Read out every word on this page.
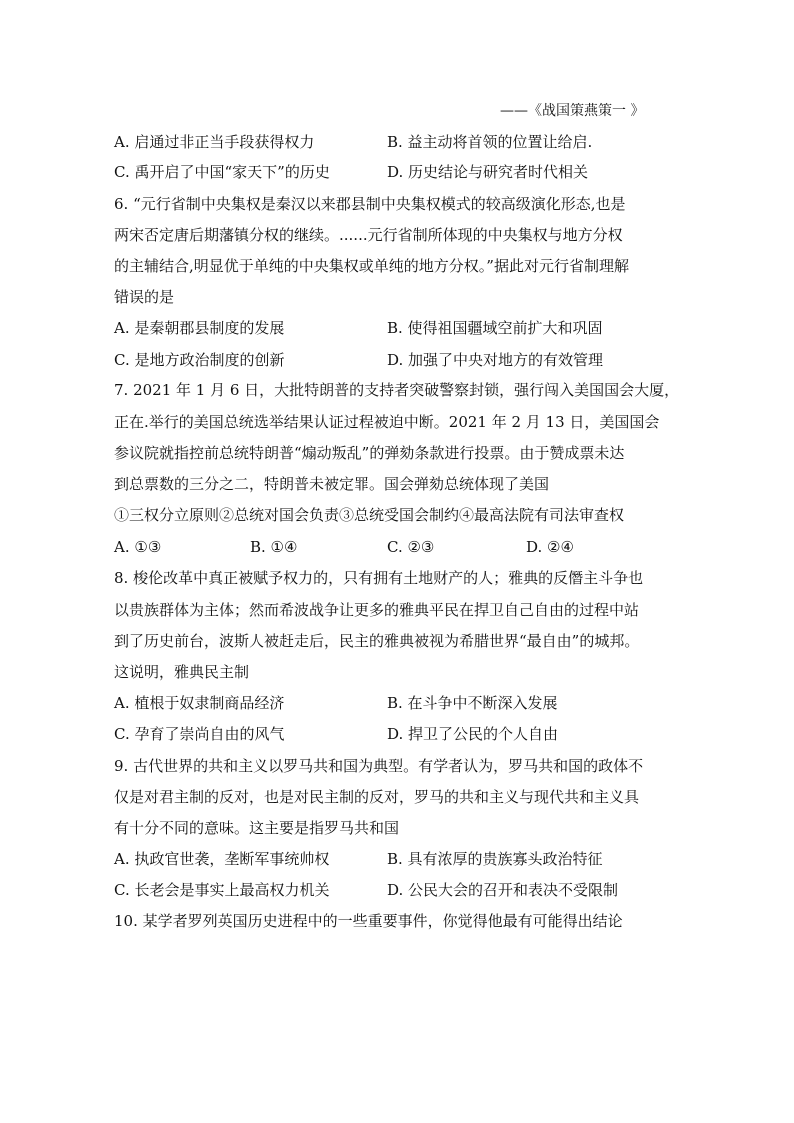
——《战国策燕策一 》
A. 启通过非正当手段获得权力	B. 益主动将首领的位置让给启.
C. 禹开启了中国“家天下”的历史	D. 历史结论与研究者时代相关
6. “元行省制中央集权是秦汉以来郡县制中央集权模式的较高级演化形态,也是
两宋否定唐后期藩镇分权的继续。......元行省制所体现的中央集权与地方分权
的主辅结合,明显优于单纯的中央集权或单纯的地方分权。”据此对元行省制理解
错误的是
A. 是秦朝郡县制度的发展	B. 使得祖国疆域空前扩大和巩固
C. 是地方政治制度的创新	D. 加强了中央对地方的有效管理
7. 2021 年 1 月 6 日，大批特朗普的支持者突破警察封锁，强行闯入美国国会大厦，
正在.举行的美国总统选举结果认证过程被迫中断。2021 年 2 月 13 日，美国国会
参议院就指控前总统特朗普“煽动叛乱”的弹劾条款进行投票。由于赞成票未达
到总票数的三分之二，特朗普未被定罪。国会弹劾总统体现了美国
①三权分立原则②总统对国会负责③总统受国会制约④最高法院有司法审查权
A. ①③	B. ①④	C. ②③	D. ②④
8. 梭伦改革中真正被赋予权力的，只有拥有土地财产的人；雅典的反僭主斗争也
以贵族群体为主体；然而希波战争让更多的雅典平民在捍卫自己自由的过程中站
到了历史前台，波斯人被赶走后，民主的雅典被视为希腊世界“最自由”的城邦。
这说明，雅典民主制
A. 植根于奴隶制商品经济	B. 在斗争中不断深入发展
C. 孕育了崇尚自由的风气	D. 捍卫了公民的个人自由
9. 古代世界的共和主义以罗马共和国为典型。有学者认为，罗马共和国的政体不
仅是对君主制的反对，也是对民主制的反对，罗马的共和主义与现代共和主义具
有十分不同的意味。这主要是指罗马共和国
A. 执政官世袭，垄断军事统帅权	B. 具有浓厚的贵族寡头政治特征
C. 长老会是事实上最高权力机关	D. 公民大会的召开和表决不受限制
10. 某学者罗列英国历史进程中的一些重要事件，你觉得他最有可能得出结论
